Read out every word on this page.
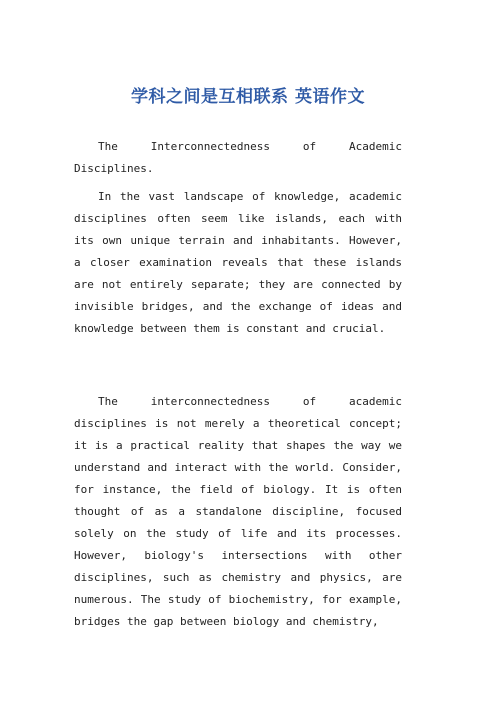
学科之间是互相联系 英语作文

The Interconnectedness of Academic Disciplines.

In the vast landscape of knowledge, academic disciplines often seem like islands, each with its own unique terrain and inhabitants. However, a closer examination reveals that these islands are not entirely separate; they are connected by invisible bridges, and the exchange of ideas and knowledge between them is constant and crucial.

The interconnectedness of academic disciplines is not merely a theoretical concept; it is a practical reality that shapes the way we understand and interact with the world. Consider, for instance, the field of biology. It is often thought of as a standalone discipline, focused solely on the study of life and its processes. However, biology's intersections with other disciplines, such as chemistry and physics, are numerous. The study of biochemistry, for example, bridges the gap between biology and chemistry,
